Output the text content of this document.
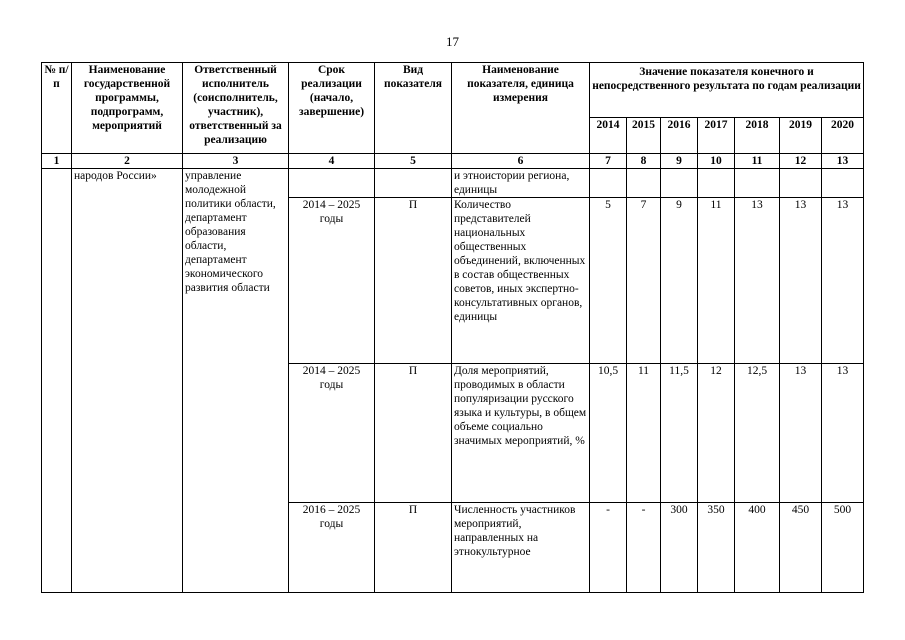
17
№ п/п	Наименование государственной программы, подпрограмм, мероприятий	Ответственный исполнитель (соисполнитель, участник), ответственный за реализацию	Срок реализации (начало, завершение)	Вид показателя	Наименование показателя, единица измерения	Значение показателя конечного и непосредственного результата по годам реализации						
						2014	2015	2016	2017	2018	2019	2020
1	2	3	4	5	6	7	8	9	10	11	12	13
	народов России»	управление молодежной политики области, департамент образования области, департамент экономического развития области			и этноистории региона, единицы							
			2014 – 2025 годы	П	Количество представителей национальных общественных объединений, включенных в состав общественных советов, иных экспертно-консультативных органов, единицы	5	7	9	11	13	13	13
			2014 – 2025 годы	П	Доля мероприятий, проводимых в области популяризации русского языка и культуры, в общем объеме социально значимых мероприятий, %	10,5	11	11,5	12	12,5	13	13
			2016 – 2025 годы	П	Численность участников мероприятий, направленных на этнокультурное	-	-	300	350	400	450	500
